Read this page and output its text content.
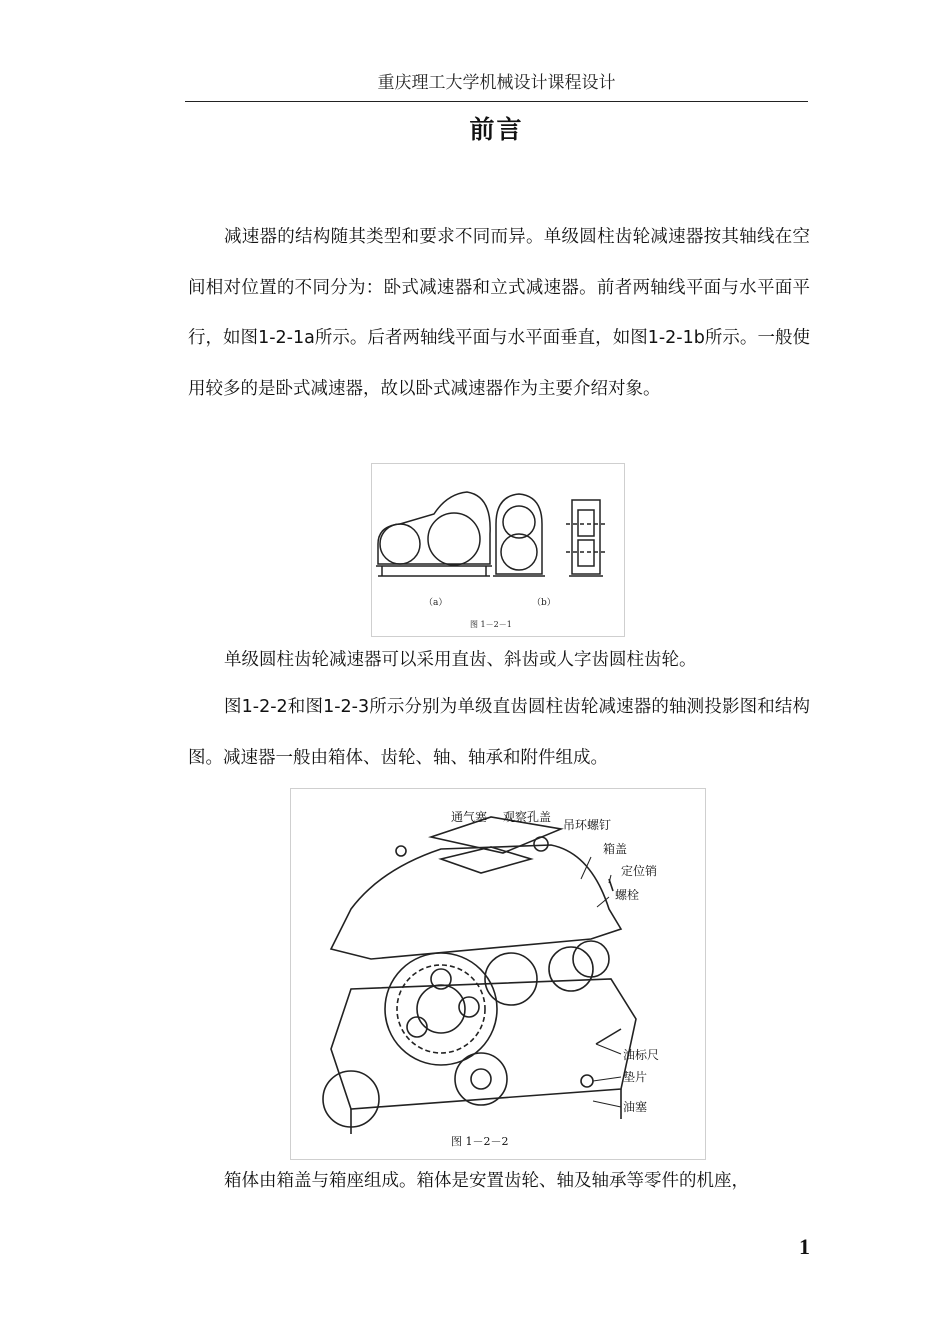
重庆理工大学机械设计课程设计
前言

减速器的结构随其类型和要求不同而异。单级圆柱齿轮减速器按其轴线在空间相对位置的不同分为：卧式减速器和立式减速器。前者两轴线平面与水平面平行，如图1-2-1a所示。后者两轴线平面与水平面垂直，如图1-2-1b所示。一般使用较多的是卧式减速器，故以卧式减速器作为主要介绍对象。

（a）	（b）
图 1－2－1

单级圆柱齿轮减速器可以采用直齿、斜齿或人字齿圆柱齿轮。

图1-2-2和图1-2-3所示分别为单级直齿圆柱齿轮减速器的轴测投影图和结构图。减速器一般由箱体、齿轮、轴、轴承和附件组成。

通气塞 观察孔盖
吊环螺钉
箱盖
定位销
螺栓
油标尺
垫片
油塞
图 1－2－2

箱体由箱盖与箱座组成。箱体是安置齿轮、轴及轴承等零件的机座，

1
